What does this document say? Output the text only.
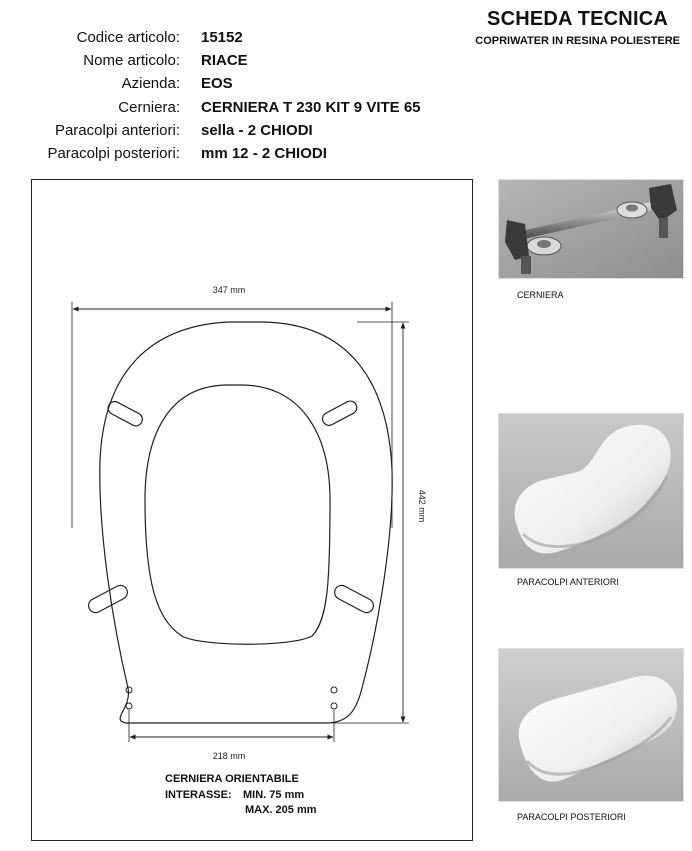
SCHEDA TECNICA
COPRIWATER IN RESINA POLIESTERE
Codice articolo: 15152
Nome articolo: RIACE
Azienda: EOS
Cerniera: CERNIERA T 230 KIT 9 VITE 65
Paracolpi anteriori: sella - 2 CHIODI
Paracolpi posteriori: mm 12 - 2 CHIODI
347 mm
442 mm
218 mm
CERNIERA ORIENTABILE
INTERASSE: MIN. 75 mm
MAX. 205 mm
CERNIERA
PARACOLPI ANTERIORI
PARACOLPI POSTERIORI
